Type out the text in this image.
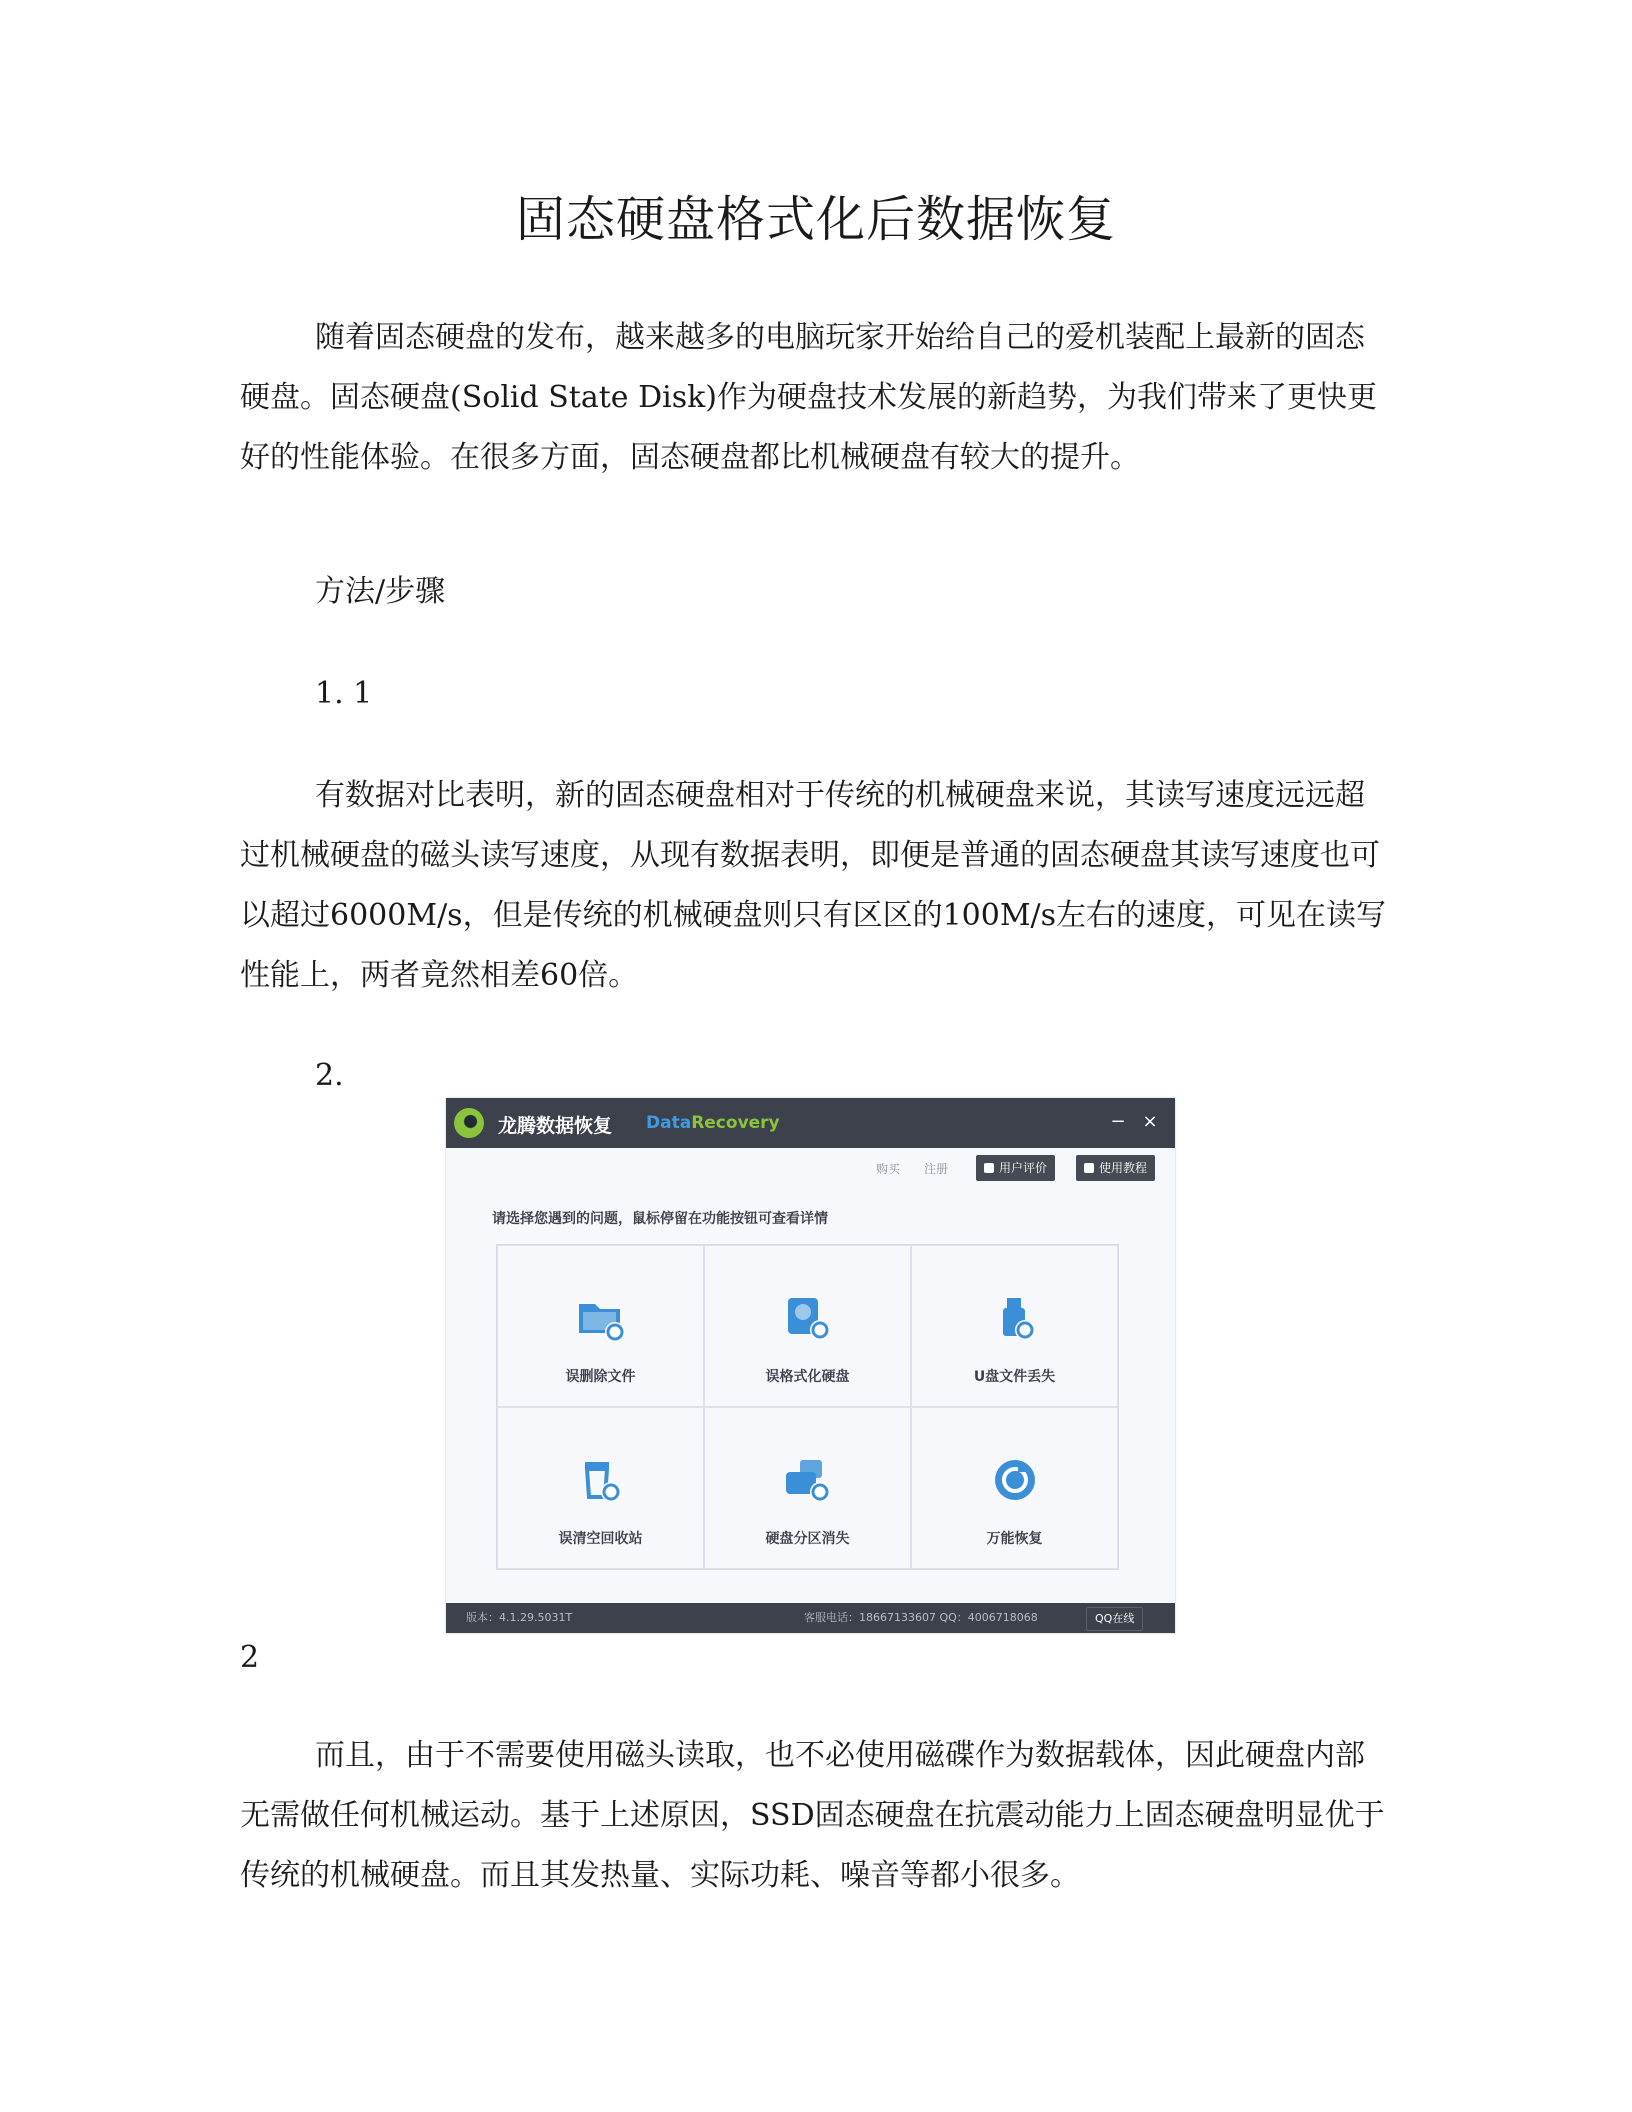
固态硬盘格式化后数据恢复

随着固态硬盘的发布，越来越多的电脑玩家开始给自己的爱机装配上最新的固态硬盘。固态硬盘(Solid State Disk)作为硬盘技术发展的新趋势，为我们带来了更快更好的性能体验。在很多方面，固态硬盘都比机械硬盘有较大的提升。

方法/步骤
1. 1

有数据对比表明，新的固态硬盘相对于传统的机械硬盘来说，其读写速度远远超过机械硬盘的磁头读写速度，从现有数据表明，即便是普通的固态硬盘其读写速度也可以超过6000M/s，但是传统的机械硬盘则只有区区的100M/s左右的速度，可见在读写性能上，两者竟然相差60倍。

2.
龙腾数据恢复 DataRecovery	− ×
购买 注册	用户评价	使用教程
请选择您遇到的问题，鼠标停留在功能按钮可查看详情
误删除文件	误格式化硬盘	U盘文件丢失
误清空回收站	硬盘分区消失	万能恢复
版本：4.1.29.5031T	客服电话：18667133607 QQ：4006718068	QQ在线
2

而且，由于不需要使用磁头读取，也不必使用磁碟作为数据载体，因此硬盘内部无需做任何机械运动。基于上述原因，SSD固态硬盘在抗震动能力上固态硬盘明显优于传统的机械硬盘。而且其发热量、实际功耗、噪音等都小很多。
